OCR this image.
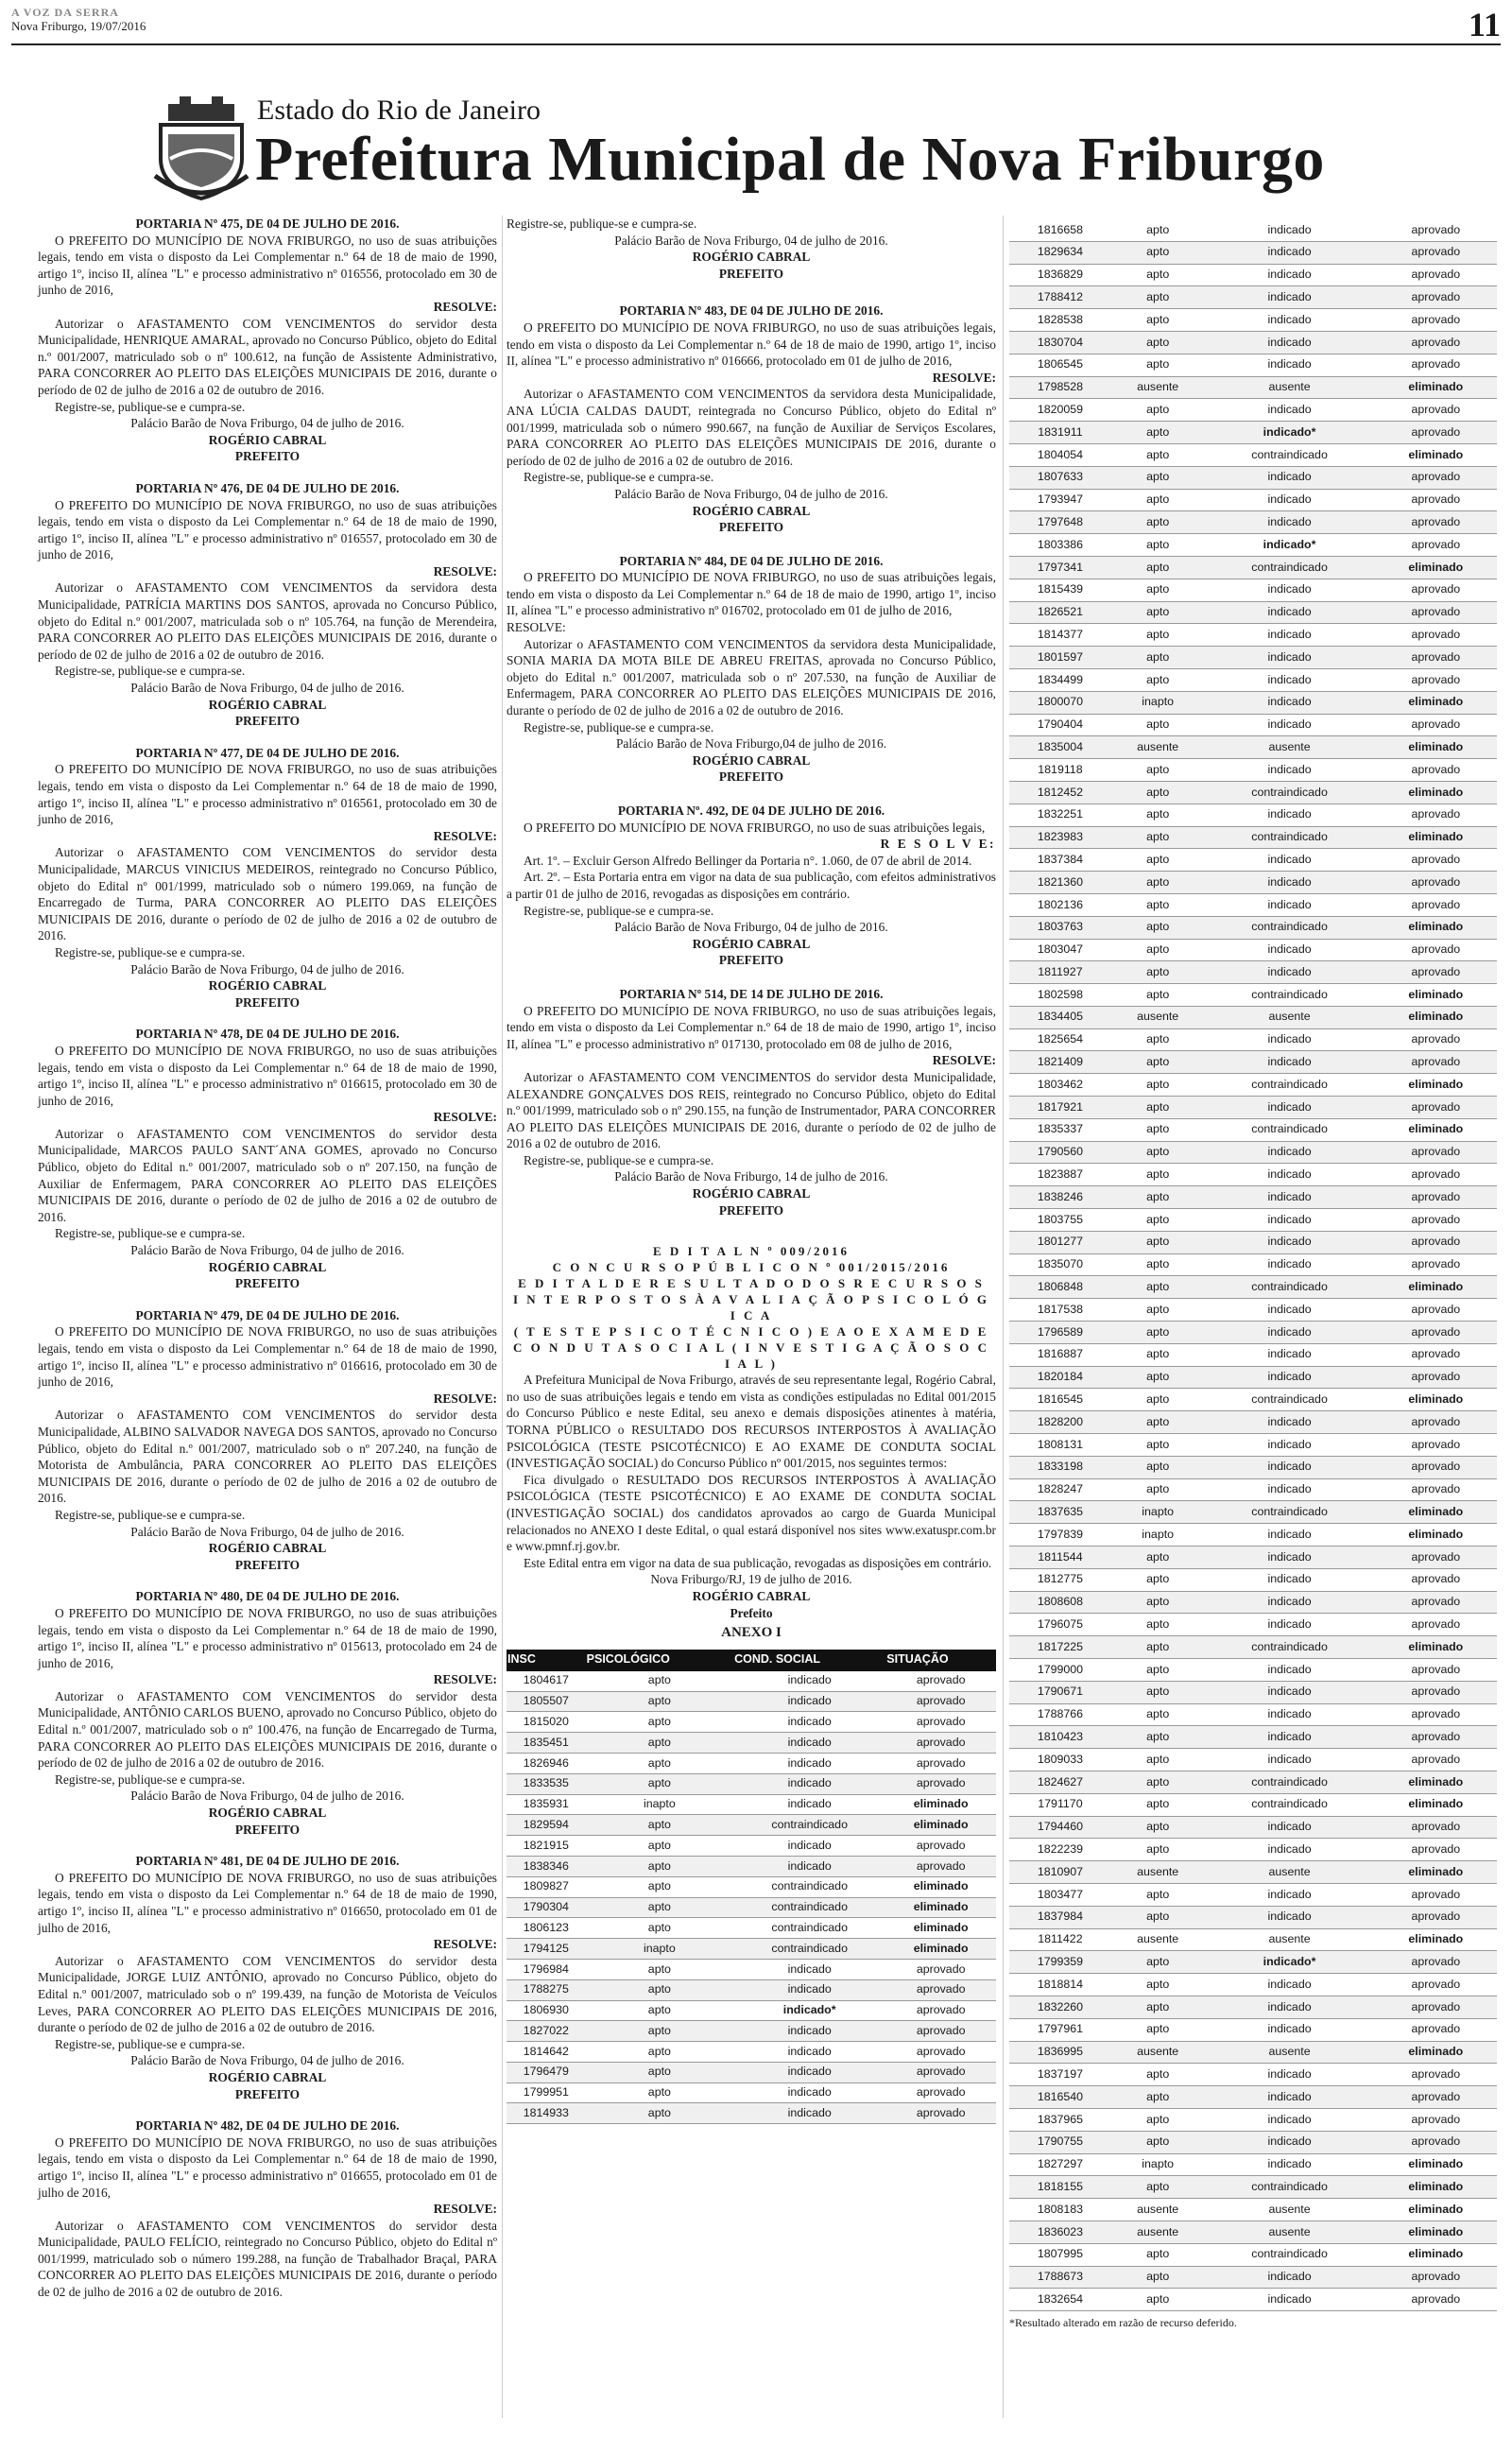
A VOZ DA SERRA
Nova Friburgo, 19/07/2016	11
Estado do Rio de Janeiro
Prefeitura Municipal de Nova Friburgo
PORTARIA Nº 475, DE 04 DE JULHO DE 2016.

O PREFEITO DO MUNICÍPIO DE NOVA FRIBURGO, no uso de suas atribuições legais, tendo em vista o disposto da Lei Complementar n.º 64 de 18 de maio de 1990, artigo 1º, inciso II, alínea "L" e processo administrativo nº 016556, protocolado em 30 de junho de 2016,

RESOLVE:

Autorizar o AFASTAMENTO COM VENCIMENTOS do servidor desta Municipalidade, HENRIQUE AMARAL, aprovado no Concurso Público, objeto do Edital n.º 001/2007, matriculado sob o nº 100.612, na função de Assistente Administrativo, PARA CONCORRER AO PLEITO DAS ELEIÇÕES MUNICIPAIS DE 2016, durante o período de 02 de julho de 2016 a 02 de outubro de 2016.

Registre-se, publique-se e cumpra-se.
Palácio Barão de Nova Friburgo, 04 de julho de 2016.
ROGÉRIO CABRAL
PREFEITO
PORTARIA Nº 476, DE 04 DE JULHO DE 2016.

O PREFEITO DO MUNICÍPIO DE NOVA FRIBURGO, no uso de suas atribuições legais, tendo em vista o disposto da Lei Complementar n.º 64 de 18 de maio de 1990, artigo 1º, inciso II, alínea "L" e processo administrativo nº 016557, protocolado em 30 de junho de 2016,

RESOLVE:

Autorizar o AFASTAMENTO COM VENCIMENTOS da servidora desta Municipalidade, PATRÍCIA MARTINS DOS SANTOS, aprovada no Concurso Público, objeto do Edital n.º 001/2007, matriculada sob o nº 105.764, na função de Merendeira, PARA CONCORRER AO PLEITO DAS ELEIÇÕES MUNICIPAIS DE 2016, durante o período de 02 de julho de 2016 a 02 de outubro de 2016.

Registre-se, publique-se e cumpra-se.
Palácio Barão de Nova Friburgo, 04 de julho de 2016.
ROGÉRIO CABRAL
PREFEITO
PORTARIA Nº 477, DE 04 DE JULHO DE 2016.

O PREFEITO DO MUNICÍPIO DE NOVA FRIBURGO, no uso de suas atribuições legais, tendo em vista o disposto da Lei Complementar n.º 64 de 18 de maio de 1990, artigo 1º, inciso II, alínea "L" e processo administrativo nº 016561, protocolado em 30 de junho de 2016,

RESOLVE:

Autorizar o AFASTAMENTO COM VENCIMENTOS do servidor desta Municipalidade, MARCUS VINICIUS MEDEIROS, reintegrado no Concurso Público, objeto do Edital nº 001/1999, matriculado sob o número 199.069, na função de Encarregado de Turma, PARA CONCORRER AO PLEITO DAS ELEIÇÕES MUNICIPAIS DE 2016, durante o período de 02 de julho de 2016 a 02 de outubro de 2016.

Registre-se, publique-se e cumpra-se.
Palácio Barão de Nova Friburgo, 04 de julho de 2016.
ROGÉRIO CABRAL
PREFEITO
PORTARIA Nº 478, DE 04 DE JULHO DE 2016.

O PREFEITO DO MUNICÍPIO DE NOVA FRIBURGO, no uso de suas atribuições legais, tendo em vista o disposto da Lei Complementar n.º 64 de 18 de maio de 1990, artigo 1º, inciso II, alínea "L" e processo administrativo nº 016615, protocolado em 30 de junho de 2016,

RESOLVE:

Autorizar o AFASTAMENTO COM VENCIMENTOS do servidor desta Municipalidade, MARCOS PAULO SANT´ANA GOMES, aprovado no Concurso Público, objeto do Edital n.º 001/2007, matriculado sob o nº 207.150, na função de Auxiliar de Enfermagem, PARA CONCORRER AO PLEITO DAS ELEIÇÕES MUNICIPAIS DE 2016, durante o período de 02 de julho de 2016 a 02 de outubro de 2016.

Registre-se, publique-se e cumpra-se.
Palácio Barão de Nova Friburgo, 04 de julho de 2016.
ROGÉRIO CABRAL
PREFEITO
PORTARIA Nº 479, DE 04 DE JULHO DE 2016.

O PREFEITO DO MUNICÍPIO DE NOVA FRIBURGO, no uso de suas atribuições legais, tendo em vista o disposto da Lei Complementar n.º 64 de 18 de maio de 1990, artigo 1º, inciso II, alínea "L" e processo administrativo nº 016616, protocolado em 30 de junho de 2016,

RESOLVE:

Autorizar o AFASTAMENTO COM VENCIMENTOS do servidor desta Municipalidade, ALBINO SALVADOR NAVEGA DOS SANTOS, aprovado no Concurso Público, objeto do Edital n.º 001/2007, matriculado sob o nº 207.240, na função de Motorista de Ambulância, PARA CONCORRER AO PLEITO DAS ELEIÇÕES MUNICIPAIS DE 2016, durante o período de 02 de julho de 2016 a 02 de outubro de 2016.

Registre-se, publique-se e cumpra-se.
Palácio Barão de Nova Friburgo, 04 de julho de 2016.
ROGÉRIO CABRAL
PREFEITO
PORTARIA Nº 480, DE 04 DE JULHO DE 2016.

O PREFEITO DO MUNICÍPIO DE NOVA FRIBURGO, no uso de suas atribuições legais, tendo em vista o disposto da Lei Complementar n.º 64 de 18 de maio de 1990, artigo 1º, inciso II, alínea "L" e processo administrativo nº 015613, protocolado em 24 de junho de 2016,

RESOLVE:

Autorizar o AFASTAMENTO COM VENCIMENTOS do servidor desta Municipalidade, ANTÔNIO CARLOS BUENO, aprovado no Concurso Público, objeto do Edital n.º 001/2007, matriculado sob o nº 100.476, na função de Encarregado de Turma, PARA CONCORRER AO PLEITO DAS ELEIÇÕES MUNICIPAIS DE 2016, durante o período de 02 de julho de 2016 a 02 de outubro de 2016.

Registre-se, publique-se e cumpra-se.
Palácio Barão de Nova Friburgo, 04 de julho de 2016.
ROGÉRIO CABRAL
PREFEITO
PORTARIA Nº 481, DE 04 DE JULHO DE 2016.

O PREFEITO DO MUNICÍPIO DE NOVA FRIBURGO, no uso de suas atribuições legais, tendo em vista o disposto da Lei Complementar n.º 64 de 18 de maio de 1990, artigo 1º, inciso II, alínea "L" e processo administrativo nº 016650, protocolado em 01 de julho de 2016,

RESOLVE:

Autorizar o AFASTAMENTO COM VENCIMENTOS do servidor desta Municipalidade, JORGE LUIZ ANTÔNIO, aprovado no Concurso Público, objeto do Edital n.º 001/2007, matriculado sob o nº 199.439, na função de Motorista de Veículos Leves, PARA CONCORRER AO PLEITO DAS ELEIÇÕES MUNICIPAIS DE 2016, durante o período de 02 de julho de 2016 a 02 de outubro de 2016.

Registre-se, publique-se e cumpra-se.
Palácio Barão de Nova Friburgo, 04 de julho de 2016.
ROGÉRIO CABRAL
PREFEITO
PORTARIA Nº 482, DE 04 DE JULHO DE 2016.

O PREFEITO DO MUNICÍPIO DE NOVA FRIBURGO, no uso de suas atribuições legais, tendo em vista o disposto da Lei Complementar n.º 64 de 18 de maio de 1990, artigo 1º, inciso II, alínea "L" e processo administrativo nº 016655, protocolado em 01 de julho de 2016,

RESOLVE:

Autorizar o AFASTAMENTO COM VENCIMENTOS do servidor desta Municipalidade, PAULO FELÍCIO, reintegrado no Concurso Público, objeto do Edital nº 001/1999, matriculado sob o número 199.288, na função de Trabalhador Braçal, PARA CONCORRER AO PLEITO DAS ELEIÇÕES MUNICIPAIS DE 2016, durante o período de 02 de julho de 2016 a 02 de outubro de 2016.

Registre-se, publique-se e cumpra-se.
Palácio Barão de Nova Friburgo, 04 de julho de 2016.
ROGÉRIO CABRAL
PREFEITO
PORTARIA Nº 483, DE 04 DE JULHO DE 2016.

O PREFEITO DO MUNICÍPIO DE NOVA FRIBURGO, no uso de suas atribuições legais, tendo em vista o disposto da Lei Complementar n.º 64 de 18 de maio de 1990, artigo 1º, inciso II, alínea "L" e processo administrativo nº 016666, protocolado em 01 de julho de 2016,

RESOLVE:

Autorizar o AFASTAMENTO COM VENCIMENTOS da servidora desta Municipalidade, ANA LÚCIA CALDAS DAUDT, reintegrada no Concurso Público, objeto do Edital nº 001/1999, matriculada sob o número 990.667, na função de Auxiliar de Serviços Escolares, PARA CONCORRER AO PLEITO DAS ELEIÇÕES MUNICIPAIS DE 2016, durante o período de 02 de julho de 2016 a 02 de outubro de 2016.

Registre-se, publique-se e cumpra-se.
Palácio Barão de Nova Friburgo, 04 de julho de 2016.
ROGÉRIO CABRAL
PREFEITO
PORTARIA Nº 484, DE 04 DE JULHO DE 2016.

O PREFEITO DO MUNICÍPIO DE NOVA FRIBURGO, no uso de suas atribuições legais, tendo em vista o disposto da Lei Complementar n.º 64 de 18 de maio de 1990, artigo 1º, inciso II, alínea "L" e processo administrativo nº 016702, protocolado em 01 de julho de 2016,

RESOLVE:

Autorizar o AFASTAMENTO COM VENCIMENTOS da servidora desta Municipalidade, SONIA MARIA DA MOTA BILE DE ABREU FREITAS, aprovada no Concurso Público, objeto do Edital n.º 001/2007, matriculada sob o nº 207.530, na função de Auxiliar de Enfermagem, PARA CONCORRER AO PLEITO DAS ELEIÇÕES MUNICIPAIS DE 2016, durante o período de 02 de julho de 2016 a 02 de outubro de 2016.

Registre-se, publique-se e cumpra-se.
Palácio Barão de Nova Friburgo,04 de julho de 2016.
ROGÉRIO CABRAL
PREFEITO
PORTARIA Nº. 492, DE 04 DE JULHO DE 2016.

O PREFEITO DO MUNICÍPIO DE NOVA FRIBURGO, no uso de suas atribuições legais,

R E S O L V E:

Art. 1º. – Excluir Gerson Alfredo Bellinger da Portaria n°. 1.060, de 07 de abril de 2014.

Art. 2º. – Esta Portaria entra em vigor na data de sua publicação, com efeitos administrativos a partir 01 de julho de 2016, revogadas as disposições em contrário.

Registre-se, publique-se e cumpra-se.
Palácio Barão de Nova Friburgo, 04 de julho de 2016.
ROGÉRIO CABRAL
PREFEITO
PORTARIA Nº 514, DE 14 DE JULHO DE 2016.

O PREFEITO DO MUNICÍPIO DE NOVA FRIBURGO, no uso de suas atribuições legais, tendo em vista o disposto da Lei Complementar n.º 64 de 18 de maio de 1990, artigo 1º, inciso II, alínea "L" e processo administrativo nº 017130, protocolado em 08 de julho de 2016,

RESOLVE:

Autorizar o AFASTAMENTO COM VENCIMENTOS do servidor desta Municipalidade, ALEXANDRE GONÇALVES DOS REIS, reintegrado no Concurso Público, objeto do Edital n.º 001/1999, matriculado sob o nº 290.155, na função de Instrumentador, PARA CONCORRER AO PLEITO DAS ELEIÇÕES MUNICIPAIS DE 2016, durante o período de 02 de julho de 2016 a 02 de outubro de 2016.

Registre-se, publique-se e cumpra-se.
Palácio Barão de Nova Friburgo, 14 de julho de 2016.
ROGÉRIO CABRAL
PREFEITO
E D I T A L N º 009/2016
C O N C U R S O P Ú B L I C O N º 001/2015/2016
E D I T A L D E R E S U L T A D O D O S R E C U R S O S
I N T E R P O S T O S À A V A L I A Ç Ã O P S I C O L Ó G I C A
( T E S T E P S I C O T É C N I C O ) E A O E X A M E D E
C O N D U T A S O C I A L ( I N V E S T I G A Ç Ã O S O C I A L )

A Prefeitura Municipal de Nova Friburgo, através de seu representante legal, Rogério Cabral, no uso de suas atribuições legais e tendo em vista as condições estipuladas no Edital 001/2015 do Concurso Público e neste Edital, seu anexo e demais disposições atinentes à matéria, TORNA PÚBLICO o RESULTADO DOS RECURSOS INTERPOSTOS À AVALIAÇÃO PSICOLÓGICA (TESTE PSICOTÉCNICO) E AO EXAME DE CONDUTA SOCIAL (INVESTIGAÇÃO SOCIAL) do Concurso Público nº 001/2015, nos seguintes termos:

Fica divulgado o RESULTADO DOS RECURSOS INTERPOSTOS À AVALIAÇÃO PSICOLÓGICA (TESTE PSICOTÉCNICO) E AO EXAME DE CONDUTA SOCIAL (INVESTIGAÇÃO SOCIAL) dos candidatos aprovados ao cargo de Guarda Municipal relacionados no ANEXO I deste Edital, o qual estará disponível nos sites www.exatuspr.com.br e www.pmnf.rj.gov.br.

Este Edital entra em vigor na data de sua publicação, revogadas as disposições em contrário.

Nova Friburgo/RJ, 19 de julho de 2016.
ROGÉRIO CABRAL
Prefeito
ANEXO I
INSC	PSICOLÓGICO	COND. SOCIAL	SITUAÇÃO
1804617	apto	indicado	aprovado
1805507	apto	indicado	aprovado
1815020	apto	indicado	aprovado
1835451	apto	indicado	aprovado
1826946	apto	indicado	aprovado
1833535	apto	indicado	aprovado
1835931	inapto	indicado	eliminado
1829594	apto	contraindicado	eliminado
1821915	apto	indicado	aprovado
1838346	apto	indicado	aprovado
1809827	apto	contraindicado	eliminado
1790304	apto	contraindicado	eliminado
1806123	apto	contraindicado	eliminado
1794125	inapto	contraindicado	eliminado
1796984	apto	indicado	aprovado
1788275	apto	indicado	aprovado
1806930	apto	indicado*	aprovado
1827022	apto	indicado	aprovado
1814642	apto	indicado	aprovado
1796479	apto	indicado	aprovado
1799951	apto	indicado	aprovado
1814933	apto	indicado	aprovado
1816658	apto	indicado	aprovado
1829634	apto	indicado	aprovado
1836829	apto	indicado	aprovado
1788412	apto	indicado	aprovado
1828538	apto	indicado	aprovado
1830704	apto	indicado	aprovado
1806545	apto	indicado	aprovado
1798528	ausente	ausente	eliminado
1820059	apto	indicado	aprovado
1831911	apto	indicado*	aprovado
1804054	apto	contraindicado	eliminado
1807633	apto	indicado	aprovado
1793947	apto	indicado	aprovado
1797648	apto	indicado	aprovado
1803386	apto	indicado*	aprovado
1797341	apto	contraindicado	eliminado
1815439	apto	indicado	aprovado
1826521	apto	indicado	aprovado
1814377	apto	indicado	aprovado
1801597	apto	indicado	aprovado
1834499	apto	indicado	aprovado
1800070	inapto	indicado	eliminado
1790404	apto	indicado	aprovado
1835004	ausente	ausente	eliminado
1819118	apto	indicado	aprovado
1812452	apto	contraindicado	eliminado
1832251	apto	indicado	aprovado
1823983	apto	contraindicado	eliminado
1837384	apto	indicado	aprovado
1821360	apto	indicado	aprovado
1802136	apto	indicado	aprovado
1803763	apto	contraindicado	eliminado
1803047	apto	indicado	aprovado
1811927	apto	indicado	aprovado
1802598	apto	contraindicado	eliminado
1834405	ausente	ausente	eliminado
1825654	apto	indicado	aprovado
1821409	apto	indicado	aprovado
1803462	apto	contraindicado	eliminado
1817921	apto	indicado	aprovado
1835337	apto	contraindicado	eliminado
1790560	apto	indicado	aprovado
1823887	apto	indicado	aprovado
1838246	apto	indicado	aprovado
1803755	apto	indicado	aprovado
1801277	apto	indicado	aprovado
1835070	apto	indicado	aprovado
1806848	apto	contraindicado	eliminado
1817538	apto	indicado	aprovado
1796589	apto	indicado	aprovado
1816887	apto	indicado	aprovado
1820184	apto	indicado	aprovado
1816545	apto	contraindicado	eliminado
1828200	apto	indicado	aprovado
1808131	apto	indicado	aprovado
1833198	apto	indicado	aprovado
1828247	apto	indicado	aprovado
1837635	inapto	contraindicado	eliminado
1797839	inapto	indicado	eliminado
1811544	apto	indicado	aprovado
1812775	apto	indicado	aprovado
1808608	apto	indicado	aprovado
1796075	apto	indicado	aprovado
1817225	apto	contraindicado	eliminado
1799000	apto	indicado	aprovado
1790671	apto	indicado	aprovado
1788766	apto	indicado	aprovado
1810423	apto	indicado	aprovado
1809033	apto	indicado	aprovado
1824627	apto	contraindicado	eliminado
1791170	apto	contraindicado	eliminado
1794460	apto	indicado	aprovado
1822239	apto	indicado	aprovado
1810907	ausente	ausente	eliminado
1803477	apto	indicado	aprovado
1837984	apto	indicado	aprovado
1811422	ausente	ausente	eliminado
1799359	apto	indicado*	aprovado
1818814	apto	indicado	aprovado
1832260	apto	indicado	aprovado
1797961	apto	indicado	aprovado
1836995	ausente	ausente	eliminado
1837197	apto	indicado	aprovado
1816540	apto	indicado	aprovado
1837965	apto	indicado	aprovado
1790755	apto	indicado	aprovado
1827297	inapto	indicado	eliminado
1818155	apto	contraindicado	eliminado
1808183	ausente	ausente	eliminado
1836023	ausente	ausente	eliminado
1807995	apto	contraindicado	eliminado
1788673	apto	indicado	aprovado
1832654	apto	indicado	aprovado
*Resultado alterado em razão de recurso deferido.
